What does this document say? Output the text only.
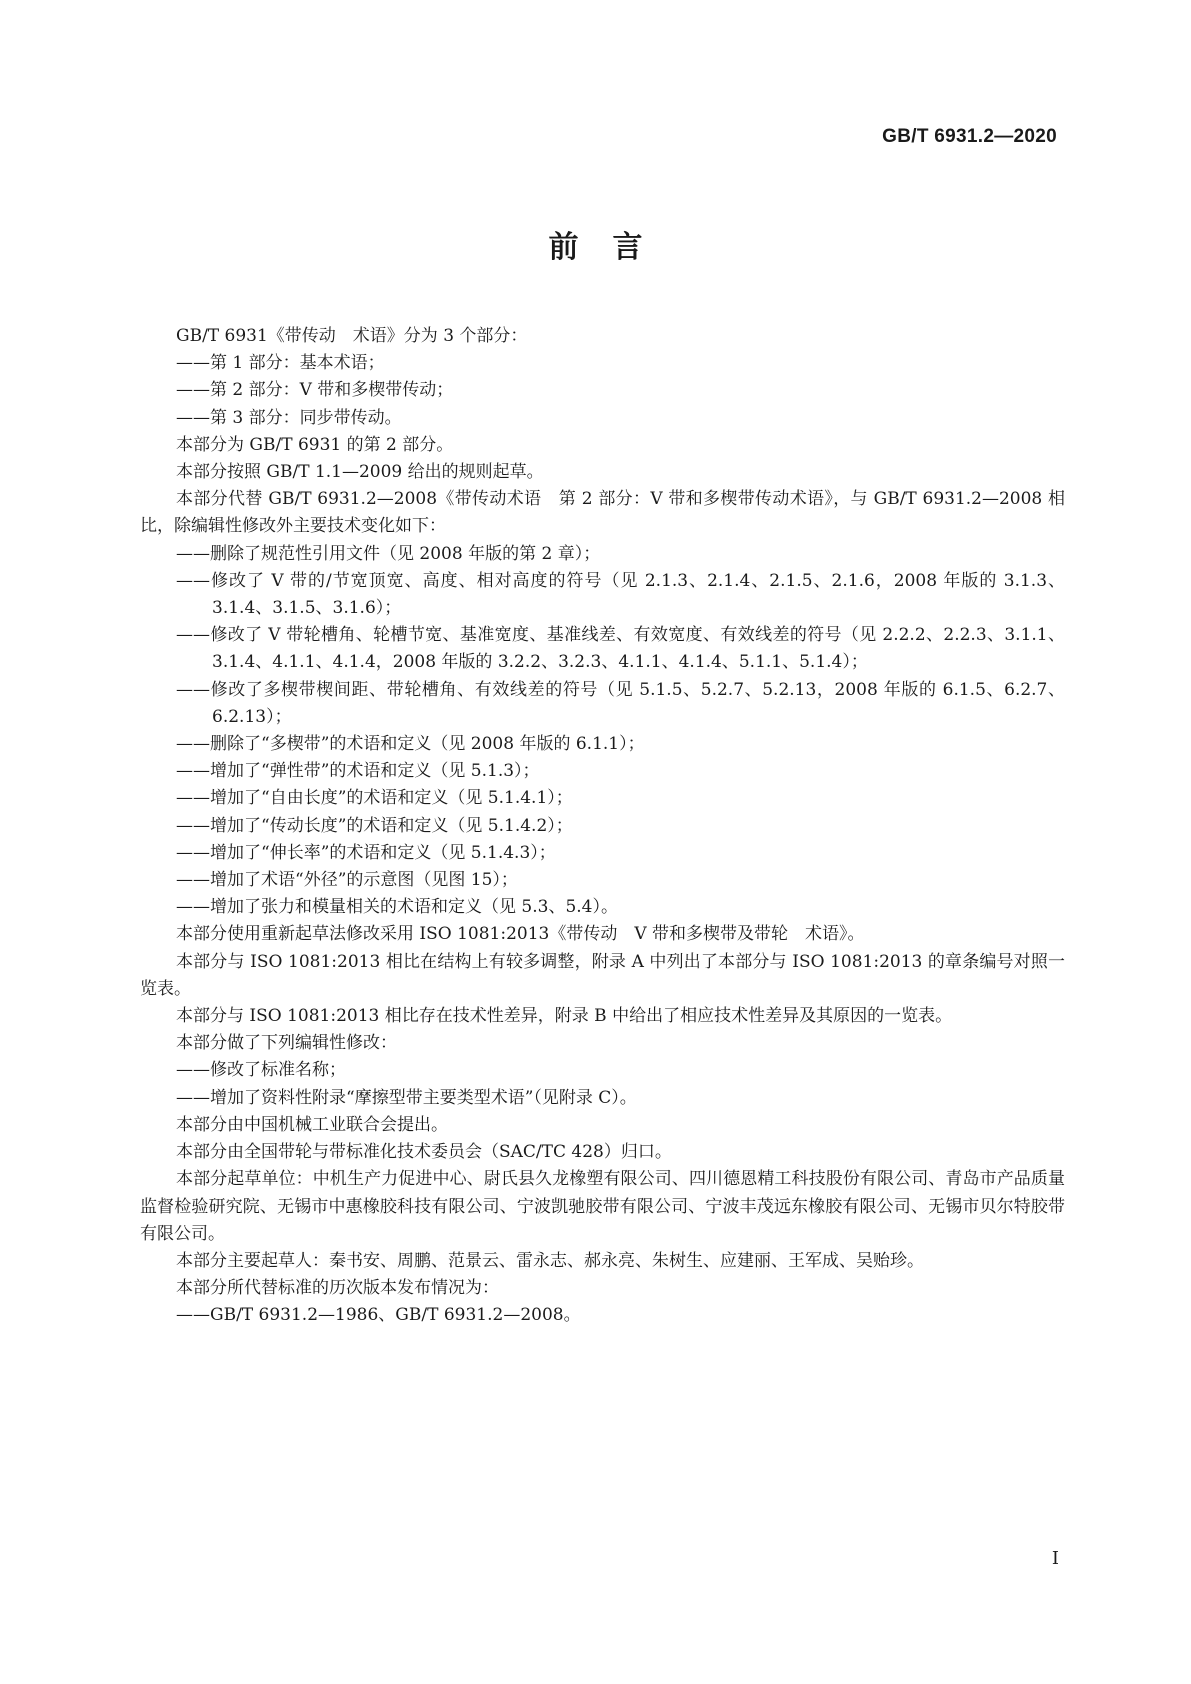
GB/T 6931.2—2020
前言

GB/T 6931《带传动　术语》分为 3 个部分：

——第 1 部分：基本术语；

——第 2 部分：V 带和多楔带传动；

——第 3 部分：同步带传动。

本部分为 GB/T 6931 的第 2 部分。

本部分按照 GB/T 1.1—2009 给出的规则起草。

本部分代替 GB/T 6931.2—2008《带传动术语　第 2 部分：V 带和多楔带传动术语》，与 GB/T 6931.2—2008 相比，除编辑性修改外主要技术变化如下：

——删除了规范性引用文件（见 2008 年版的第 2 章）；

——修改了 V 带的/节宽顶宽、高度、相对高度的符号（见 2.1.3、2.1.4、2.1.5、2.1.6，2008 年版的 3.1.3、3.1.4、3.1.5、3.1.6）；

——修改了 V 带轮槽角、轮槽节宽、基准宽度、基准线差、有效宽度、有效线差的符号（见 2.2.2、2.2.3、3.1.1、3.1.4、4.1.1、4.1.4，2008 年版的 3.2.2、3.2.3、4.1.1、4.1.4、5.1.1、5.1.4）；

——修改了多楔带楔间距、带轮槽角、有效线差的符号（见 5.1.5、5.2.7、5.2.13，2008 年版的 6.1.5、6.2.7、6.2.13）；

——删除了“多楔带”的术语和定义（见 2008 年版的 6.1.1）；

——增加了“弹性带”的术语和定义（见 5.1.3）；

——增加了“自由长度”的术语和定义（见 5.1.4.1）；

——增加了“传动长度”的术语和定义（见 5.1.4.2）；

——增加了“伸长率”的术语和定义（见 5.1.4.3）；

——增加了术语“外径”的示意图（见图 15）；

——增加了张力和模量相关的术语和定义（见 5.3、5.4）。

本部分使用重新起草法修改采用 ISO 1081:2013《带传动　V 带和多楔带及带轮　术语》。

本部分与 ISO 1081:2013 相比在结构上有较多调整，附录 A 中列出了本部分与 ISO 1081:2013 的章条编号对照一览表。

本部分与 ISO 1081:2013 相比存在技术性差异，附录 B 中给出了相应技术性差异及其原因的一览表。

本部分做了下列编辑性修改：

——修改了标准名称；

——增加了资料性附录“摩擦型带主要类型术语”（见附录 C）。

本部分由中国机械工业联合会提出。

本部分由全国带轮与带标准化技术委员会（SAC/TC 428）归口。

本部分起草单位：中机生产力促进中心、尉氏县久龙橡塑有限公司、四川德恩精工科技股份有限公司、青岛市产品质量监督检验研究院、无锡市中惠橡胶科技有限公司、宁波凯驰胶带有限公司、宁波丰茂远东橡胶有限公司、无锡市贝尔特胶带有限公司。

本部分主要起草人：秦书安、周鹏、范景云、雷永志、郝永亮、朱树生、应建丽、王军成、吴贻珍。

本部分所代替标准的历次版本发布情况为：

——GB/T 6931.2—1986、GB/T 6931.2—2008。

I
